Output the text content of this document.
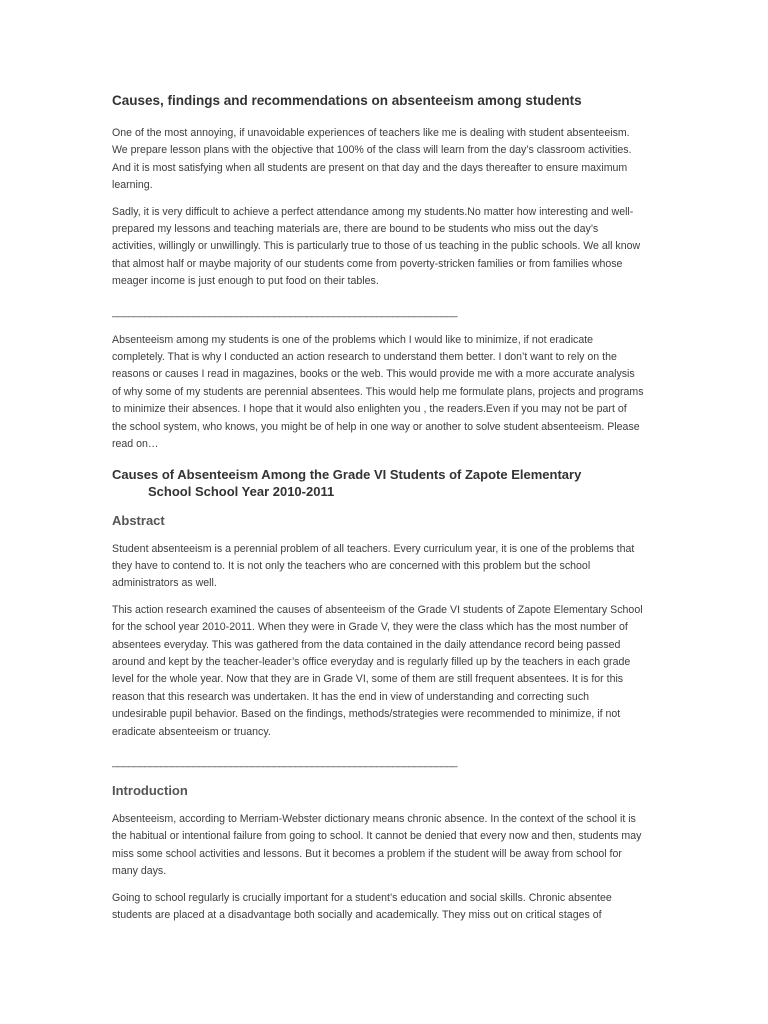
Causes, findings and recommendations on absenteeism among students

One of the most annoying, if unavoidable experiences of teachers like me is dealing with student absenteeism. We prepare lesson plans with the objective that 100% of the class will learn from the day’s classroom activities. And it is most satisfying when all students are present on that day and the days thereafter to ensure maximum learning.

Sadly, it is very difficult to achieve a perfect attendance among my students.No matter how interesting and well-prepared my lessons and teaching materials are, there are bound to be students who miss out the day’s activities, willingly or unwillingly. This is particularly true to those of us teaching in the public schools. We all know that almost half or maybe majority of our students come from poverty-stricken families or from families whose meager income is just enough to put food on their tables.

________________________________________________________________

Absenteeism among my students is one of the problems which I would like to minimize, if not eradicate completely. That is why I conducted an action research to understand them better. I don’t want to rely on the reasons or causes I read in magazines, books or the web. This would provide me with a more accurate analysis of why some of my students are perennial absentees. This would help me formulate plans, projects and programs to minimize their absences. I hope that it would also enlighten you , the readers.Even if you may not be part of the school system, who knows, you might be of help in one way or another to solve student absenteeism. Please read on…

Causes of Absenteeism Among the Grade VI Students of Zapote Elementary
School School Year 2010-2011
Abstract

Student absenteeism is a perennial problem of all teachers. Every curriculum year, it is one of the problems that they have to contend to. It is not only the teachers who are concerned with this problem but the school administrators as well.

This action research examined the causes of absenteeism of the Grade VI students of Zapote Elementary School for the school year 2010-2011. When they were in Grade V, they were the class which has the most number of absentees everyday. This was gathered from the data contained in the daily attendance record being passed around and kept by the teacher-leader’s office everyday and is regularly filled up by the teachers in each grade level for the whole year. Now that they are in Grade VI, some of them are still frequent absentees. It is for this reason that this research was undertaken. It has the end in view of understanding and correcting such undesirable pupil behavior. Based on the findings, methods/strategies were recommended to minimize, if not eradicate absenteeism or truancy.

________________________________________________________________
Introduction

Absenteeism, according to Merriam-Webster dictionary means chronic absence. In the context of the school it is the habitual or intentional failure from going to school. It cannot be denied that every now and then, students may miss some school activities and lessons. But it becomes a problem if the student will be away from school for many days.

Going to school regularly is crucially important for a student’s education and social skills. Chronic absentee students are placed at a disadvantage both socially and academically. They miss out on critical stages of
